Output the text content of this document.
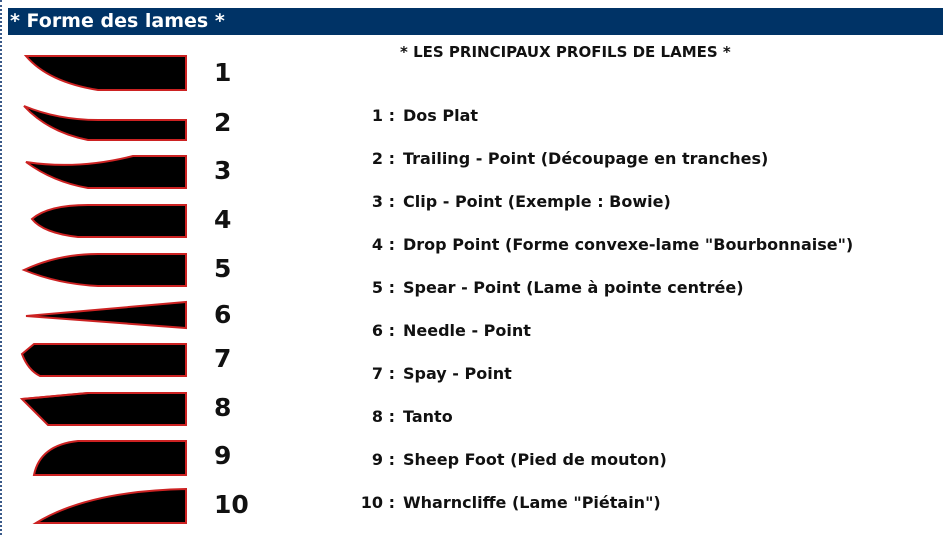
* Forme des lames *
* LES PRINCIPAUX PROFILS DE LAMES *
1
2
3
4
5
6
7
8
9
10
1 : Dos Plat
2 : Trailing - Point (Découpage en tranches)
3 : Clip - Point (Exemple : Bowie)
4 : Drop Point (Forme convexe-lame "Bourbonnaise")
5 : Spear - Point (Lame à pointe centrée)
6 : Needle - Point
7 : Spay - Point
8 : Tanto
9 : Sheep Foot (Pied de mouton)
10 : Wharncliffe (Lame "Piétain")
